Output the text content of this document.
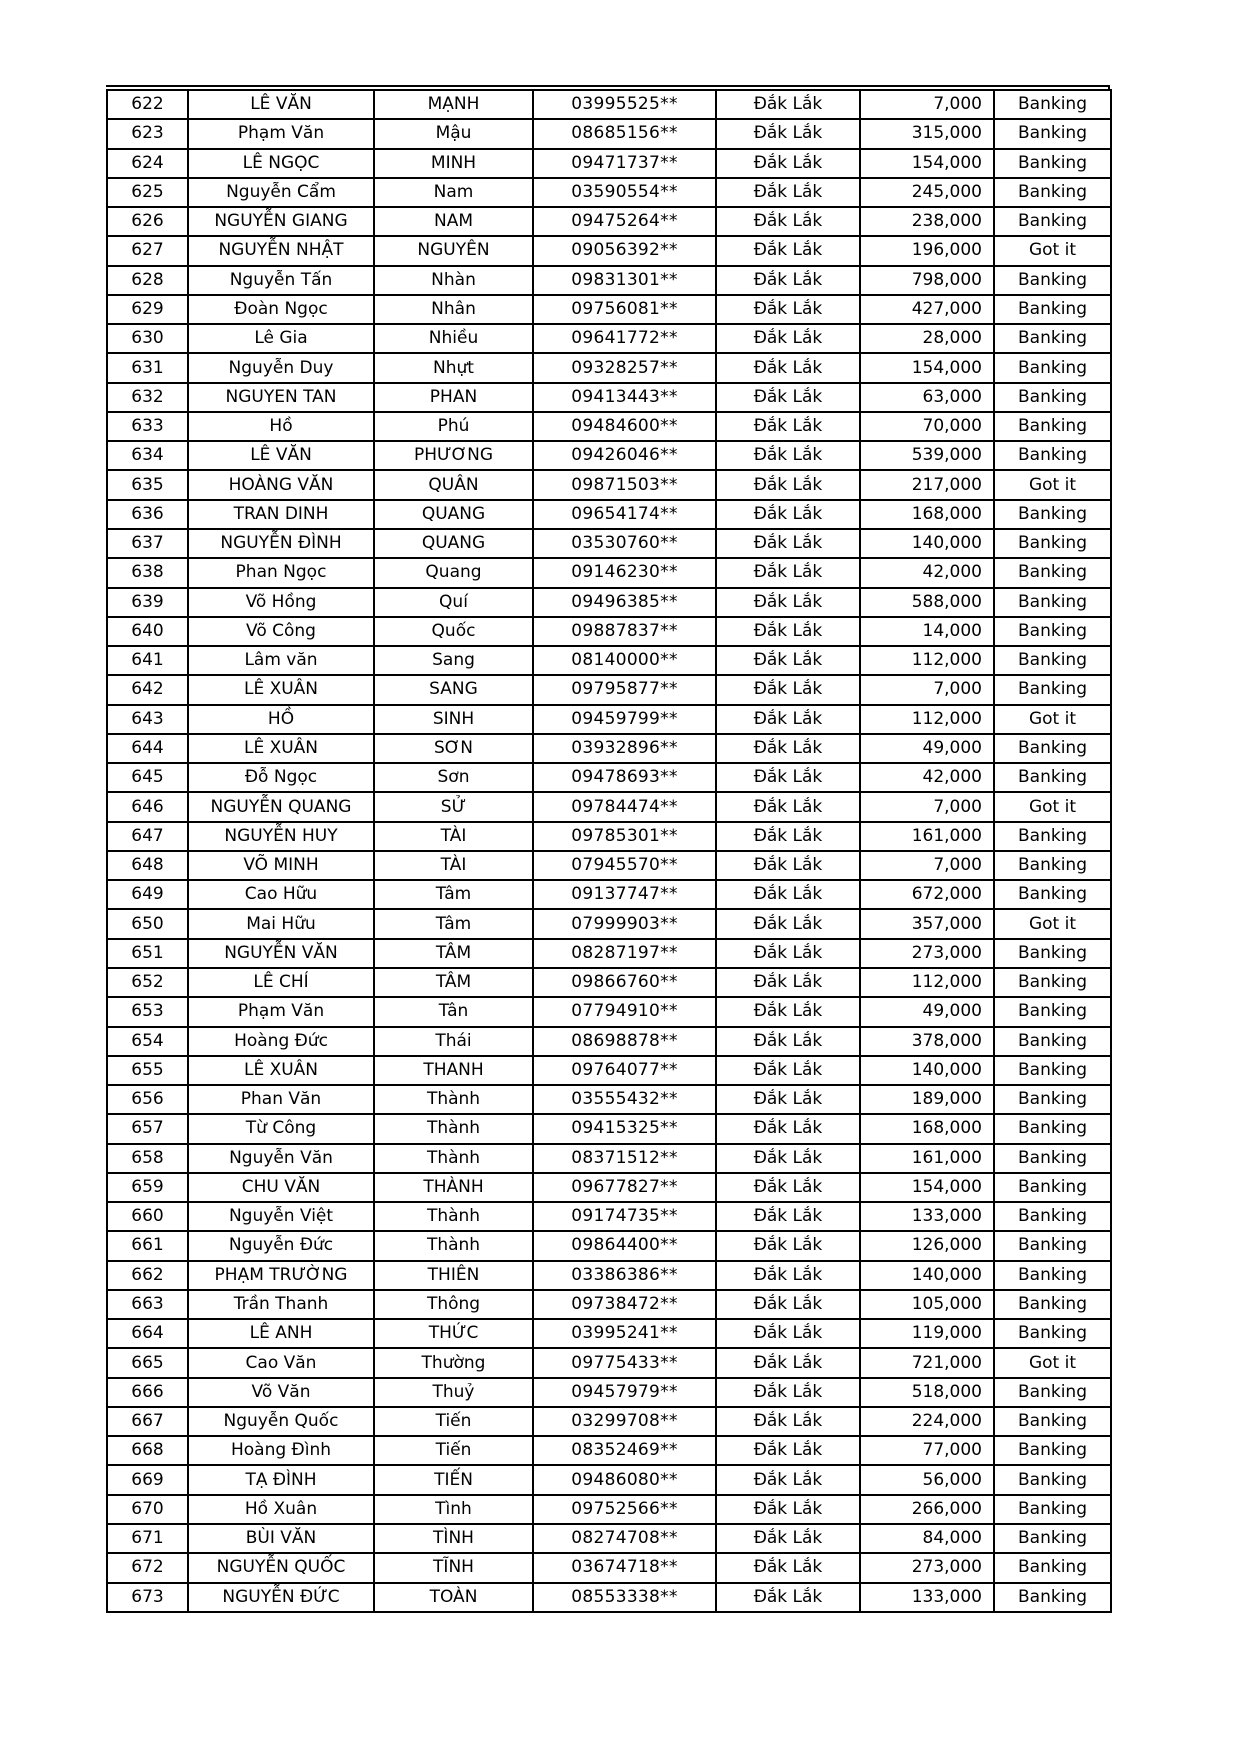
622	LÊ VĂN	MẠNH	03995525**	Đắk Lắk	7,000	Banking
623	Phạm Văn	Mậu	08685156**	Đắk Lắk	315,000	Banking
624	LÊ NGỌC	MINH	09471737**	Đắk Lắk	154,000	Banking
625	Nguyễn Cẩm	Nam	03590554**	Đắk Lắk	245,000	Banking
626	NGUYỄN GIANG	NAM	09475264**	Đắk Lắk	238,000	Banking
627	NGUYỄN NHẬT	NGUYÊN	09056392**	Đắk Lắk	196,000	Got it
628	Nguyễn Tấn	Nhàn	09831301**	Đắk Lắk	798,000	Banking
629	Đoàn Ngọc	Nhân	09756081**	Đắk Lắk	427,000	Banking
630	Lê Gia	Nhiều	09641772**	Đắk Lắk	28,000	Banking
631	Nguyễn Duy	Nhựt	09328257**	Đắk Lắk	154,000	Banking
632	NGUYEN TAN	PHAN	09413443**	Đắk Lắk	63,000	Banking
633	Hồ	Phú	09484600**	Đắk Lắk	70,000	Banking
634	LÊ VĂN	PHƯƠNG	09426046**	Đắk Lắk	539,000	Banking
635	HOÀNG VĂN	QUÂN	09871503**	Đắk Lắk	217,000	Got it
636	TRAN DINH	QUANG	09654174**	Đắk Lắk	168,000	Banking
637	NGUYỄN ĐÌNH	QUANG	03530760**	Đắk Lắk	140,000	Banking
638	Phan Ngọc	Quang	09146230**	Đắk Lắk	42,000	Banking
639	Võ Hồng	Quí	09496385**	Đắk Lắk	588,000	Banking
640	Võ Công	Quốc	09887837**	Đắk Lắk	14,000	Banking
641	Lâm văn	Sang	08140000**	Đắk Lắk	112,000	Banking
642	LÊ XUÂN	SANG	09795877**	Đắk Lắk	7,000	Banking
643	HỒ	SINH	09459799**	Đắk Lắk	112,000	Got it
644	LÊ XUÂN	SƠN	03932896**	Đắk Lắk	49,000	Banking
645	Đỗ Ngọc	Sơn	09478693**	Đắk Lắk	42,000	Banking
646	NGUYỄN QUANG	SỬ	09784474**	Đắk Lắk	7,000	Got it
647	NGUYỄN HUY	TÀI	09785301**	Đắk Lắk	161,000	Banking
648	VÕ MINH	TÀI	07945570**	Đắk Lắk	7,000	Banking
649	Cao Hữu	Tâm	09137747**	Đắk Lắk	672,000	Banking
650	Mai Hữu	Tâm	07999903**	Đắk Lắk	357,000	Got it
651	NGUYỄN VĂN	TÂM	08287197**	Đắk Lắk	273,000	Banking
652	LÊ CHÍ	TÂM	09866760**	Đắk Lắk	112,000	Banking
653	Phạm Văn	Tân	07794910**	Đắk Lắk	49,000	Banking
654	Hoàng Đức	Thái	08698878**	Đắk Lắk	378,000	Banking
655	LÊ XUÂN	THANH	09764077**	Đắk Lắk	140,000	Banking
656	Phan Văn	Thành	03555432**	Đắk Lắk	189,000	Banking
657	Từ Công	Thành	09415325**	Đắk Lắk	168,000	Banking
658	Nguyễn Văn	Thành	08371512**	Đắk Lắk	161,000	Banking
659	CHU VĂN	THÀNH	09677827**	Đắk Lắk	154,000	Banking
660	Nguyễn Việt	Thành	09174735**	Đắk Lắk	133,000	Banking
661	Nguyễn Đức	Thành	09864400**	Đắk Lắk	126,000	Banking
662	PHẠM TRƯỜNG	THIÊN	03386386**	Đắk Lắk	140,000	Banking
663	Trần Thanh	Thông	09738472**	Đắk Lắk	105,000	Banking
664	LÊ ANH	THỨC	03995241**	Đắk Lắk	119,000	Banking
665	Cao Văn	Thường	09775433**	Đắk Lắk	721,000	Got it
666	Võ Văn	Thuỷ	09457979**	Đắk Lắk	518,000	Banking
667	Nguyễn Quốc	Tiến	03299708**	Đắk Lắk	224,000	Banking
668	Hoàng Đình	Tiến	08352469**	Đắk Lắk	77,000	Banking
669	TẠ ĐÌNH	TIẾN	09486080**	Đắk Lắk	56,000	Banking
670	Hồ Xuân	Tình	09752566**	Đắk Lắk	266,000	Banking
671	BÙI VĂN	TÌNH	08274708**	Đắk Lắk	84,000	Banking
672	NGUYỄN QUỐC	TĨNH	03674718**	Đắk Lắk	273,000	Banking
673	NGUYỄN ĐỨC	TOÀN	08553338**	Đắk Lắk	133,000	Banking
